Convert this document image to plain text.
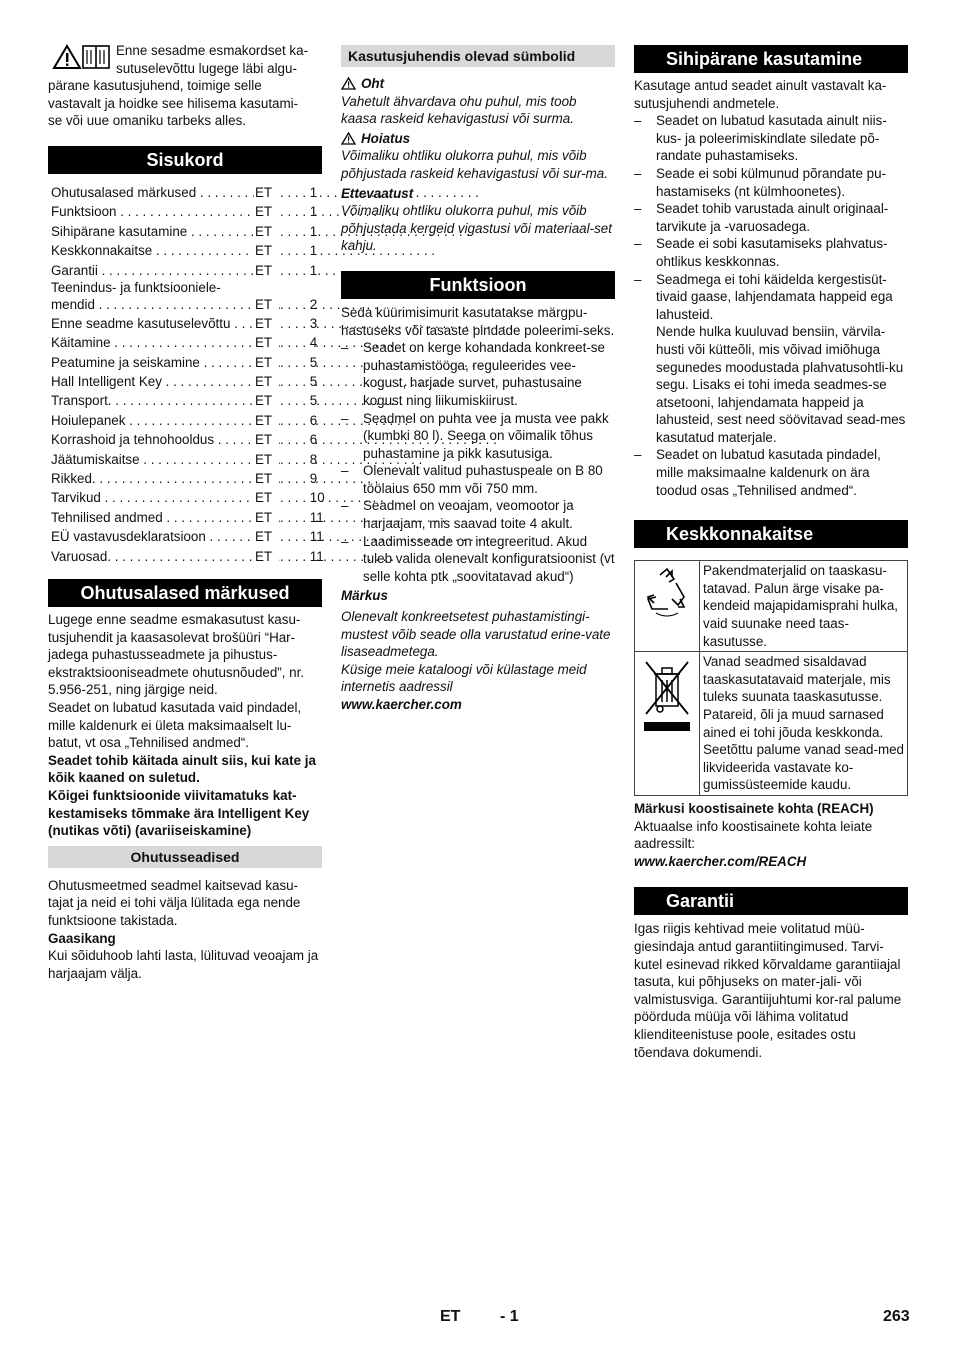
Enne sesadme esmakordset ka-

sutuselevõttu lugege läbi algu-

pärane kasutusjuhend, toimige selle

vastavalt ja hoidke see hilisema kasutami-

se või uue omaniku tarbeks alles.

Sisukord
Ohutusalased märkused . . .	ET	. . . . 1
Funktsioon . . .	ET	. . . . 1
Sihipärane kasutamine . . .	ET	. . . . 1
Keskkonnakaitse . . .	ET	. . . . 1
Garantii . . .	ET	. . . . 1
Teenindus- ja funktsiooniele-
mendid . . .	ET	. . . . 2
Enne seadme kasutuselevõttu . . .	ET	. . . . 3
Käitamine . . .	ET	. . . . 4
Peatumine ja seiskamine . . .	ET	. . . . 5
Hall Intelligent Key . . .	ET	. . . . 5
Transport. . . .	ET	. . . . 5
Hoiulepanek . . .	ET	. . . . 6
Korrashoid ja tehnohooldus . . .	ET	. . . . 6
Jäätumiskaitse . . .	ET	. . . . 8
Rikked. . . .	ET	. . . . 9
Tarvikud . . .	ET	. . . . 10
Tehnilised andmed . . .	ET	. . . . 11
EÜ vastavusdeklaratsioon . . .	ET	. . . . 11
Varuosad. . . .	ET	. . . . 11
Ohutusalased märkused

Lugege enne seadme esmakasutust kasu-tusjuhendit ja kaasasolevat brošüüri “Har-jadega puhastusseadmete ja pihustus-ekstraktsiooniseadmete ohutusnõuded”, nr. 5.956-251, ning järgige neid.

Seadet on lubatud kasutada vaid pindadel, mille kaldenurk ei ületa maksimaalselt lu-batut, vt osa „Tehnilised andmed“.

Seadet tohib käitada ainult siis, kui kate ja kõik kaaned on suletud.

Kõigei funktsioonide viivitamatuks kat-kestamiseks tõmmake ära Intelligent Key (nutikas võti) (avariiseiskamine)

Ohutusseadised

Ohutusmeetmed seadmel kaitsevad kasu-tajat ja neid ei tohi välja lülitada ega nende funktsioone takistada.

Gaasikang

Kui sõiduhoob lahti lasta, lülituvad veoajam ja harjaajam välja.

Kasutusjuhendis olevad sümbolid
Oht

Vahetult ähvardava ohu puhul, mis toob kaasa raskeid kehavigastusi või surma.

Hoiatus

Võimaliku ohtliku olukorra puhul, mis võib põhjustada raskeid kehavigastusi või sur-ma.

Ettevaatust

Võimaliku ohtliku olukorra puhul, mis võib põhjustada kergeid vigastusi või materiaal-set kahju.

Funktsioon

Seda küürimisimurit kasutatakse märgpu-hastuseks või tasaste pindade poleerimi-seks.

– Seadet on kerge kohandada konkreet-se puhastamistööga, reguleerides vee-kogust, harjade survet, puhastusaine kogust ning liikumiskiirust.

– Seadmel on puhta vee ja musta vee pakk (kumbki 80 l). Seega on võimalik tõhus puhastamine ja pikk kasutusiga.

– Olenevalt valitud puhastuspeale on B 80 töölaius 650 mm või 750 mm.

– Seadmel on veoajam, veomootor ja harjaajam, mis saavad toite 4 akult.

– Laadimisseade on integreeritud. Akud tuleb valida olenevalt konfiguratsioonist (vt selle kohta ptk „soovitatavad akud“)

Märkus

Olenevalt konkreetsetest puhastamistingi-mustest võib seade olla varustatud erine-vate lisaseadmetega.

Küsige meie kataloogi või külastage meid internetis aadressil

www.kaercher.com

Sihipärane kasutamine

Kasutage antud seadet ainult vastavalt ka-sutusjuhendi andmetele.

– Seadet on lubatud kasutada ainult niis-kus- ja poleerimiskindlate siledate põ-randate puhastamiseks.

– Seade ei sobi külmunud põrandate pu-hastamiseks (nt külmhoonetes).

– Seadet tohib varustada ainult originaal-tarvikute ja -varuosadega.

– Seade ei sobi kasutamiseks plahvatus-ohtlikus keskkonnas.

– Seadmega ei tohi käidelda kergestisüt-tivaid gaase, lahjendamata happeid ega lahusteid.

Nende hulka kuuluvad bensiin, värvila-husti või kütteõli, mis võivad imiõhuga segunedes moodustada plahvatusohtli-ku segu. Lisaks ei tohi imeda seadmes-se atsetooni, lahjendamata happeid ja lahusteid, sest need söövitavad sead-mes kasutatud materjale.

– Seadet on lubatud kasutada pindadel, mille maksimaalne kaldenurk on ära toodud osas „Tehnilised andmed“.

Keskkonnakaitse
	Pakendmaterjalid on taaskasu-tatavad. Palun ärge visake pa-kendeid majapidamisprahi hulka, vaid suunake need taas-kasutusse.
	Vanad seadmed sisaldavad taaskasutatavaid materjale, mis tuleks suunata taaskasutusse. Patareid, õli ja muud sarnased ained ei tohi jõuda keskkonda. Seetõttu palume vanad sead-med likvideerida vastavate ko-gumissüsteemide kaudu.

Märkusi koostisainete kohta (REACH)

Aktuaalse info koostisainete kohta leiate aadressilt:

www.kaercher.com/REACH

Garantii

Igas riigis kehtivad meie volitatud müü-giesindaja antud garantiitingimused. Tarvi-kutel esinevad rikked kõrvaldame garantiiajal tasuta, kui põhjuseks on mater-jali- või valmistusviga. Garantiijuhtumi kor-ral palume pöörduda müüja või lähima volitatud klienditeenistuse poole, esitades ostu tõendava dokumendi.

ET - 1	263
